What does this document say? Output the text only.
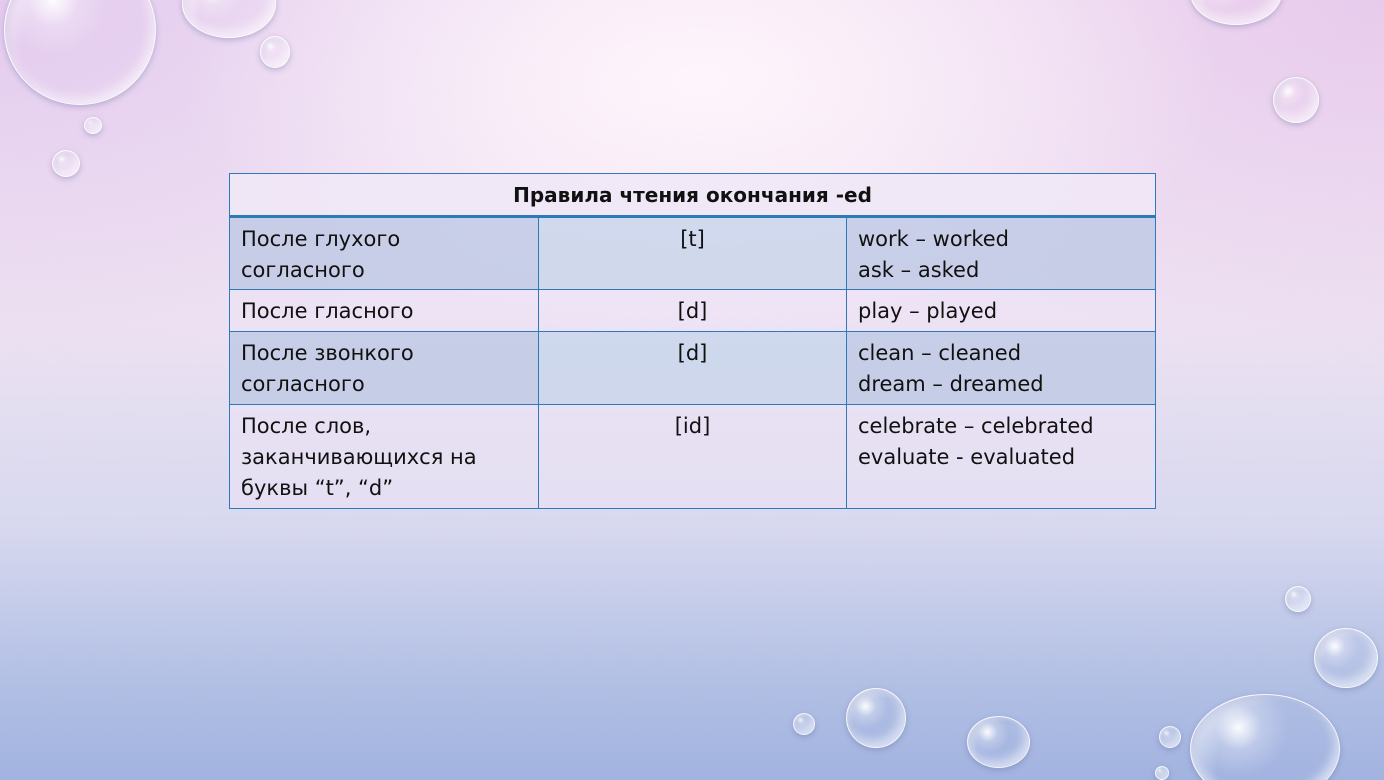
Правила чтения окончания -ed		
После глухого согласного	[t]	work – worked
ask – asked

После гласного	[d]	play – played

После звонкого согласного	[d]	clean – cleaned
dream – dreamed

После слов, заканчивающихся на буквы “t”, “d”	[id]	celebrate – celebrated
evaluate - evaluated
